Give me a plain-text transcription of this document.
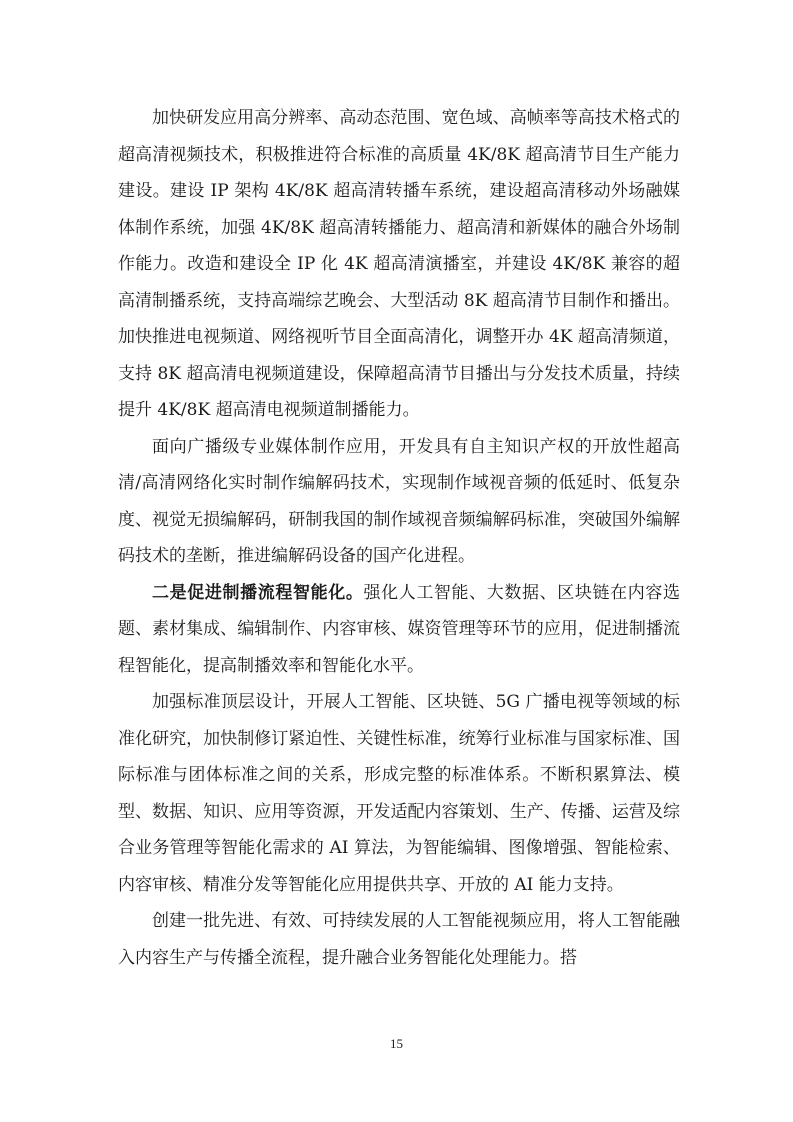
加快研发应用高分辨率、高动态范围、宽色域、高帧率等高技术格式的超高清视频技术，积极推进符合标准的高质量 4K/8K 超高清节目生产能力建设。建设 IP 架构 4K/8K 超高清转播车系统，建设超高清移动外场融媒体制作系统，加强 4K/8K 超高清转播能力、超高清和新媒体的融合外场制作能力。改造和建设全 IP 化 4K 超高清演播室，并建设 4K/8K 兼容的超高清制播系统，支持高端综艺晚会、大型活动 8K 超高清节目制作和播出。加快推进电视频道、网络视听节目全面高清化，调整开办 4K 超高清频道，支持 8K 超高清电视频道建设，保障超高清节目播出与分发技术质量，持续提升 4K/8K 超高清电视频道制播能力。

面向广播级专业媒体制作应用，开发具有自主知识产权的开放性超高清/高清网络化实时制作编解码技术，实现制作域视音频的低延时、低复杂度、视觉无损编解码，研制我国的制作域视音频编解码标准，突破国外编解码技术的垄断，推进编解码设备的国产化进程。

二是促进制播流程智能化。强化人工智能、大数据、区块链在内容选题、素材集成、编辑制作、内容审核、媒资管理等环节的应用，促进制播流程智能化，提高制播效率和智能化水平。

加强标准顶层设计，开展人工智能、区块链、5G 广播电视等领域的标准化研究，加快制修订紧迫性、关键性标准，统筹行业标准与国家标准、国际标准与团体标准之间的关系，形成完整的标准体系。不断积累算法、模型、数据、知识、应用等资源，开发适配内容策划、生产、传播、运营及综合业务管理等智能化需求的 AI 算法，为智能编辑、图像增强、智能检索、内容审核、精准分发等智能化应用提供共享、开放的 AI 能力支持。

创建一批先进、有效、可持续发展的人工智能视频应用，将人工智能融入内容生产与传播全流程，提升融合业务智能化处理能力。搭

15
